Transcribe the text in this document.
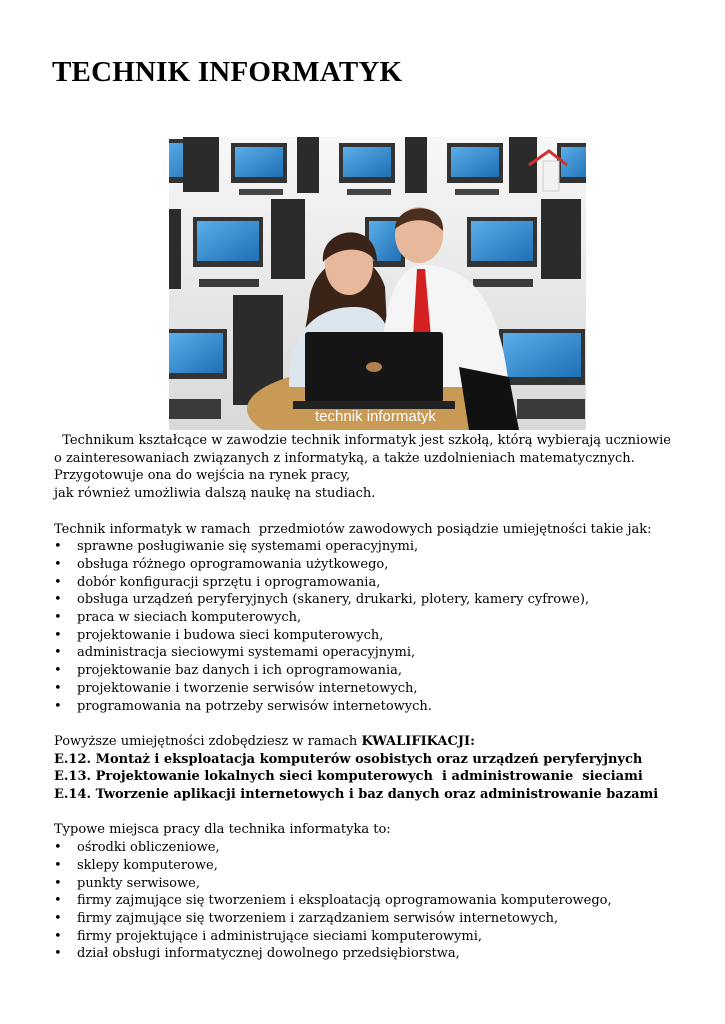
TECHNIK INFORMATYK
technik informatyk

Technikum kształcące w zawodzie technik informatyk jest szkołą, którą wybierają uczniowie o zainteresowaniach związanych z informatyką, a także uzdolnieniach matematycznych. Przygotowuje ona do wejścia na rynek pracy,

jak również umożliwia dalszą naukę na studiach.

Technik informatyk w ramach  przedmiotów zawodowych posiądzie umiejętności takie jak:

• sprawne posługiwanie się systemami operacyjnymi,
• obsługa różnego oprogramowania użytkowego,
• dobór konfiguracji sprzętu i oprogramowania,
• obsługa urządzeń peryferyjnych (skanery, drukarki, plotery, kamery cyfrowe),
• praca w sieciach komputerowych,
• projektowanie i budowa sieci komputerowych,
• administracja sieciowymi systemami operacyjnymi,
• projektowanie baz danych i ich oprogramowania,
• projektowanie i tworzenie serwisów internetowych,
• programowania na potrzeby serwisów internetowych.

Powyższe umiejętności zdobędziesz w ramach KWALIFIKACJI:

E.12. Montaż i eksploatacja komputerów osobistych oraz urządzeń peryferyjnych

E.13. Projektowanie lokalnych sieci komputerowych  i administrowanie  sieciami

E.14. Tworzenie aplikacji internetowych i baz danych oraz administrowanie bazami

Typowe miejsca pracy dla technika informatyka to:

• ośrodki obliczeniowe,
• sklepy komputerowe,
• punkty serwisowe,
• firmy zajmujące się tworzeniem i eksploatacją oprogramowania komputerowego,
• firmy zajmujące się tworzeniem i zarządzaniem serwisów internetowych,
• firmy projektujące i administrujące sieciami komputerowymi,
• dział obsługi informatycznej dowolnego przedsiębiorstwa,
